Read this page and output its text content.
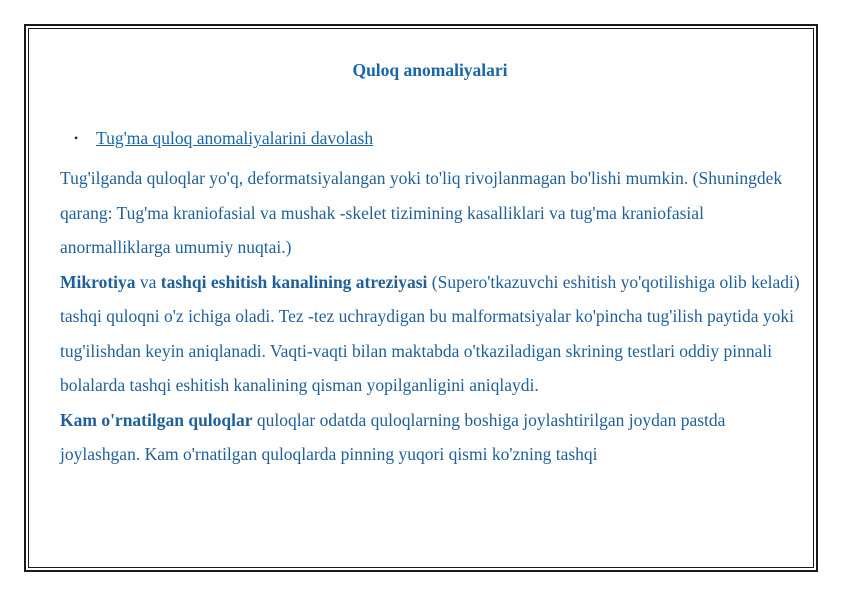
Quloq anomaliyalari
• Tug'ma quloq anomaliyalarini davolash

Tug'ilganda quloqlar yo'q, deformatsiyalangan yoki to'liq rivojlanmagan bo'lishi mumkin. (Shuningdek qarang: Tug'ma kraniofasial va mushak -skelet tizimining kasalliklari va tug'ma kraniofasial anormalliklarga umumiy nuqtai.)

Mikrotiya va tashqi eshitish kanalining atreziyasi (Supero'tkazuvchi eshitish yo'qotilishiga olib keladi) tashqi quloqni o'z ichiga oladi. Tez -tez uchraydigan bu malformatsiyalar ko'pincha tug'ilish paytida yoki tug'ilishdan keyin aniqlanadi. Vaqti-vaqti bilan maktabda o'tkaziladigan skrining testlari oddiy pinnali bolalarda tashqi eshitish kanalining qisman yopilganligini aniqlaydi.

Kam o'rnatilgan quloqlar quloqlar odatda quloqlarning boshiga joylashtirilgan joydan pastda joylashgan. Kam o'rnatilgan quloqlarda pinning yuqori qismi ko'zning tashqi
